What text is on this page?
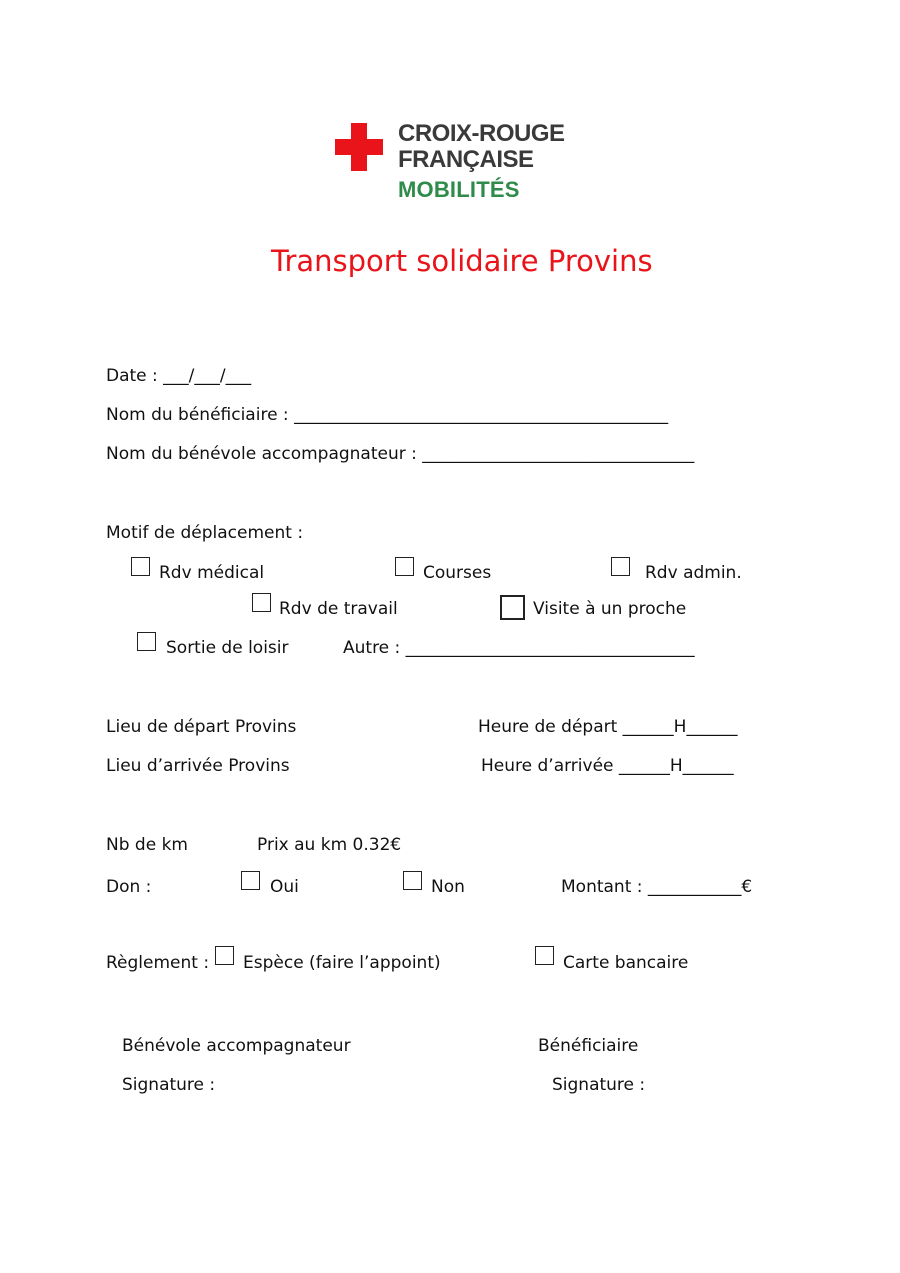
CROIX-ROUGE
FRANÇAISE
MOBILITÉS
Transport solidaire Provins
Date : ___/___/___
Nom du bénéficiaire : ____________________________________________
Nom du bénévole accompagnateur : ________________________________
Motif de déplacement :
Rdv médical	Courses	Rdv admin.
Rdv de travail	Visite à un proche
Sortie de loisir	Autre : __________________________________
Lieu de départ Provins	Heure de départ ______H______
Lieu d’arrivée Provins	Heure d’arrivée ______H______
Nb de km	Prix au km 0.32€
Don :	Oui	Non	Montant : ___________€
Règlement : Espèce (faire l’appoint)	Carte bancaire
Bénévole accompagnateur	Bénéficiaire
Signature :	Signature :
